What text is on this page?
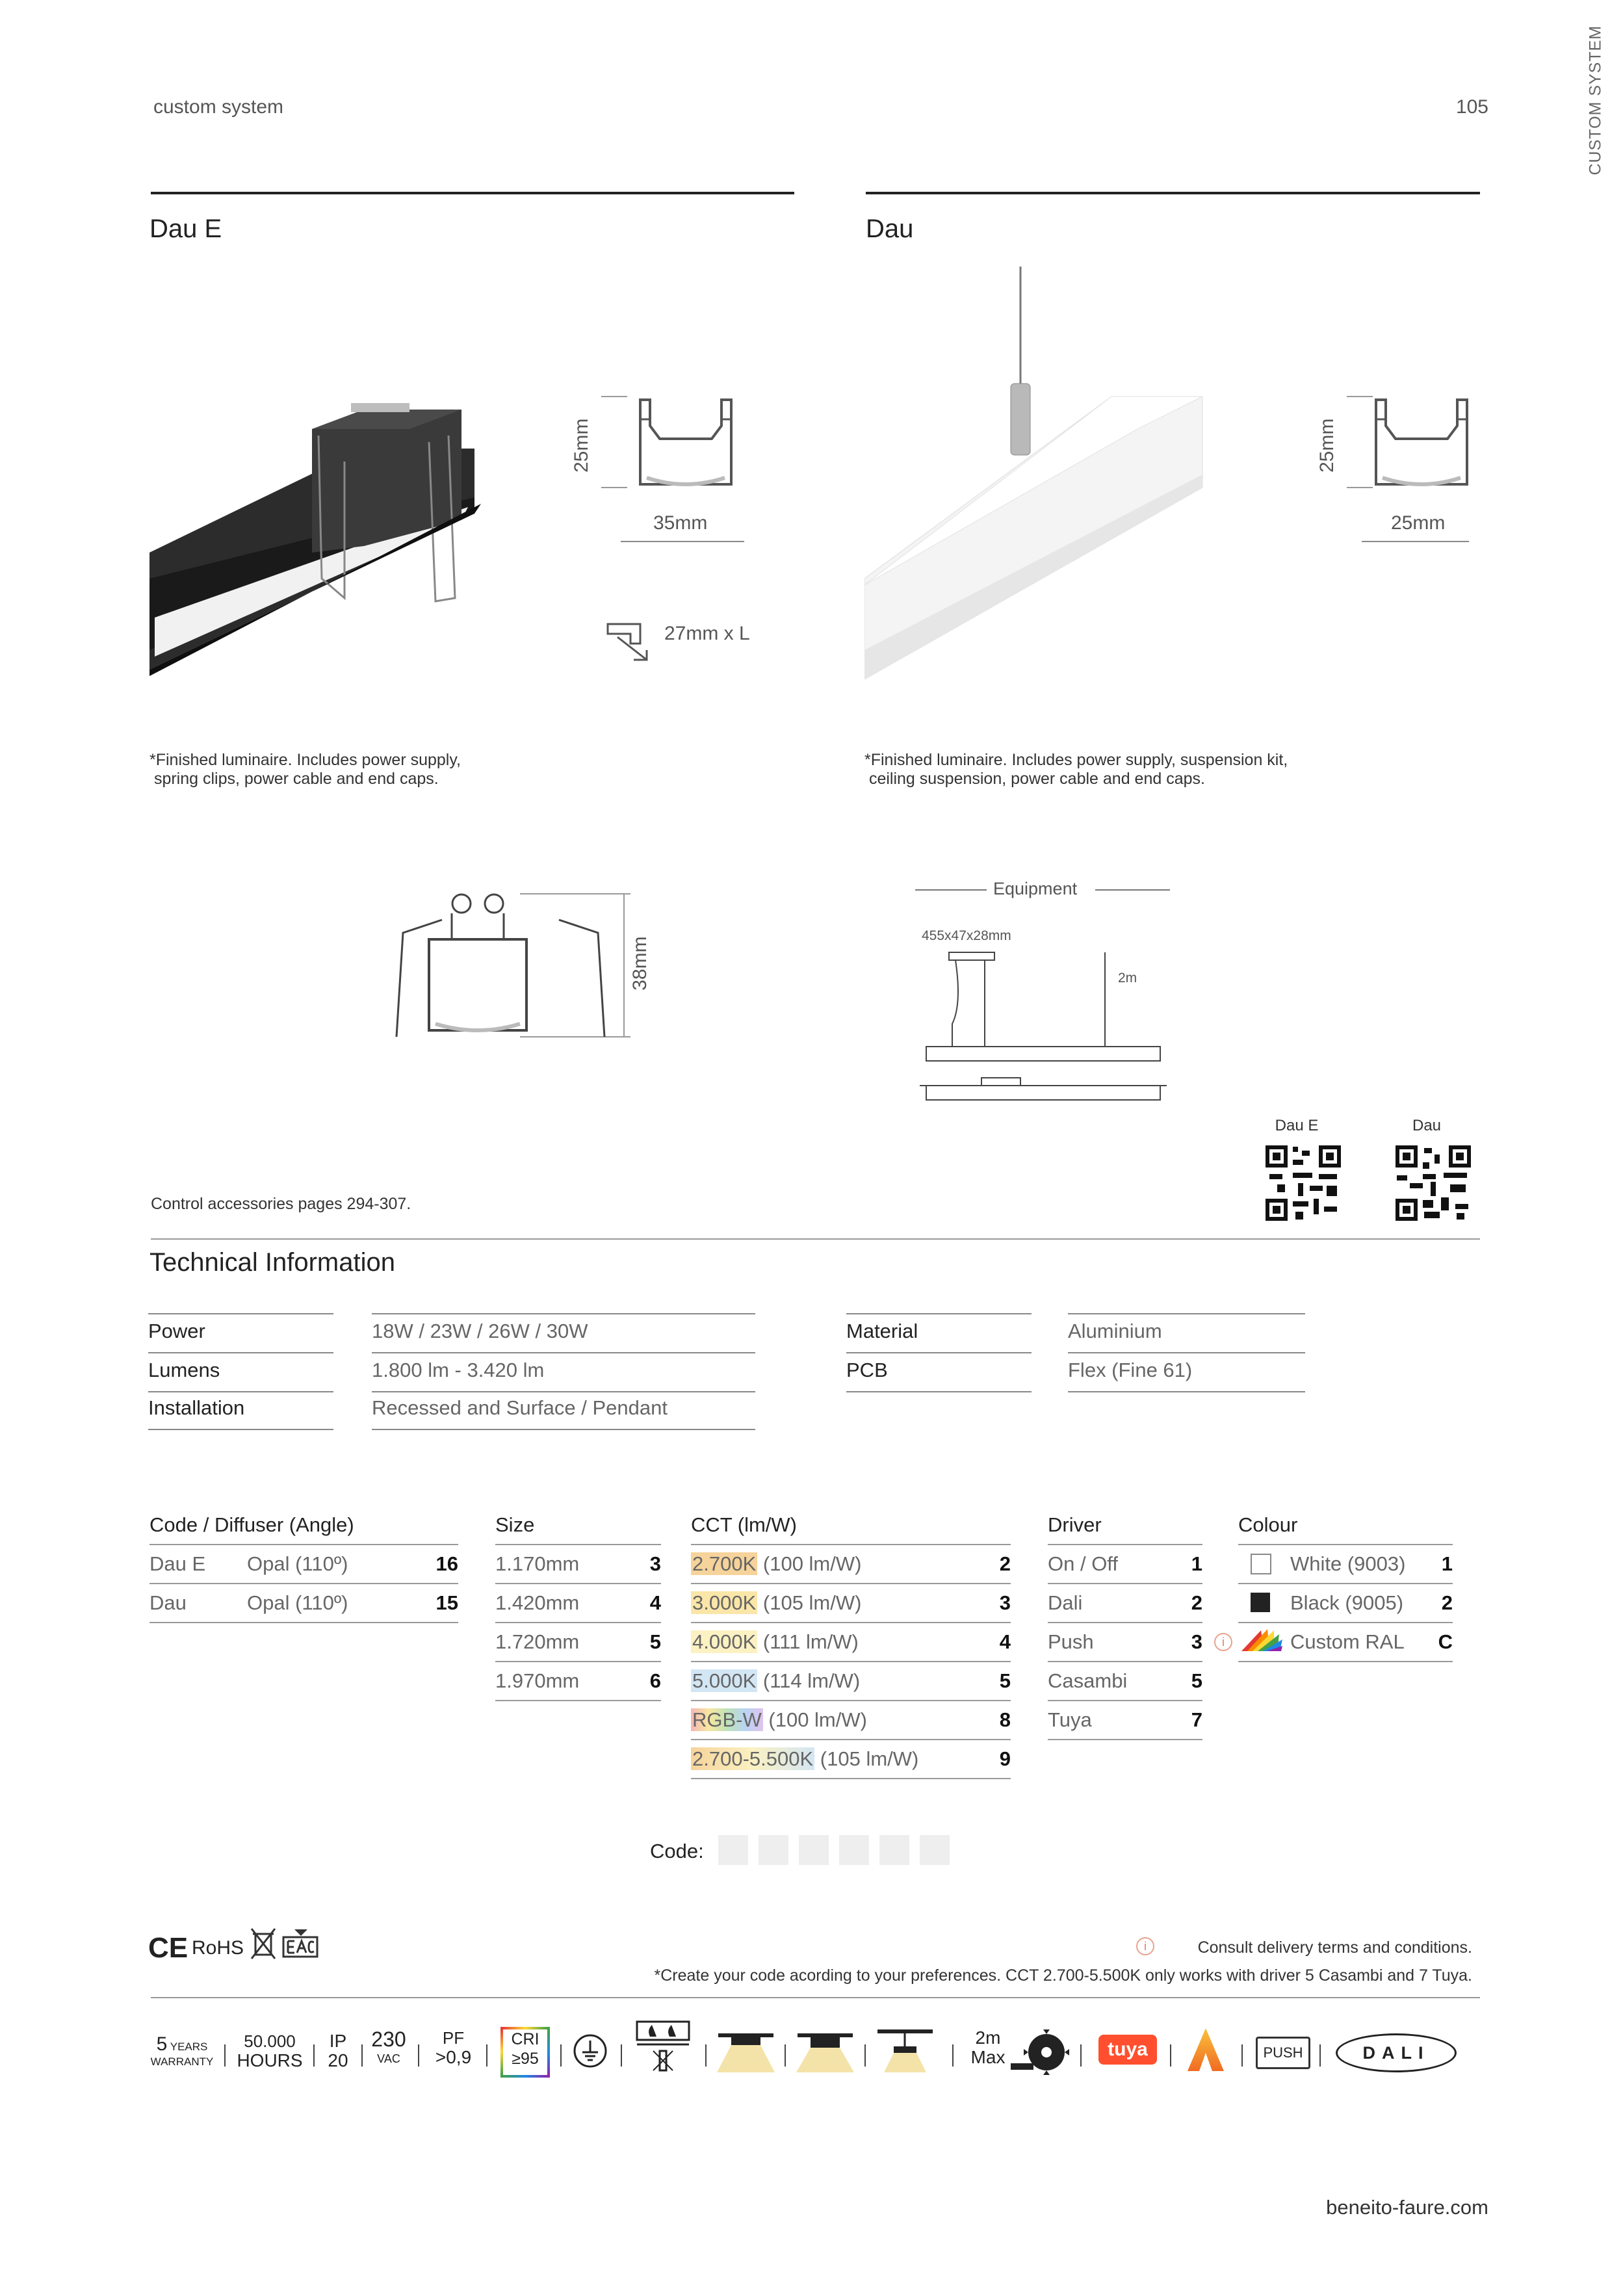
custom system	105	CUSTOM SYSTEM
Dau E
25mm
35mm
27mm x L
*Finished luminaire. Includes power supply,
spring clips, power cable and end caps.
Dau
25mm
25mm
*Finished luminaire. Includes power supply, suspension kit,
ceiling suspension, power cable and end caps.
38mm
Equipment
455x47x28mm
2m
Dau E	Dau
Control accessories pages 294-307.
Technical Information
Power	18W / 23W / 26W / 30W
Lumens	1.800 lm - 3.420 lm
Installation	Recessed and Surface / Pendant
Material	Aluminium
PCB	Flex (Fine 61)
Code / Diffuser (Angle)
Dau E Opal (110º)	16
Dau	Opal (110º)	15
Size
1.170mm	3
1.420mm	4
1.720mm	5
1.970mm	6
CCT (lm/W)
2.700K (100 lm/W)	2
3.000K (105 lm/W)	3
4.000K (111 lm/W)	4
5.000K (114 lm/W)	5
RGB-W (100 lm/W)	8
2.700-5.500K (105 lm/W)	9
Driver
On / Off	1
Dali	2
Push	3
Casambi	5
Tuya	7
Colour
White (9003)	1
Black (9005)	2
i	Custom RAL	C
Code:
CE RoHS	i	Consult delivery terms and conditions.
*Create your code acording to your preferences. CCT 2.700-5.500K only works with driver 5 Casambi and 7 Tuya.
5 YEARS
WARRANTY
50.000
HOURS
IP
20
230
VAC
PF
>0,9
CRI
≥95
2m
Max	tuya	PUSH	DALI
beneito-faure.com
